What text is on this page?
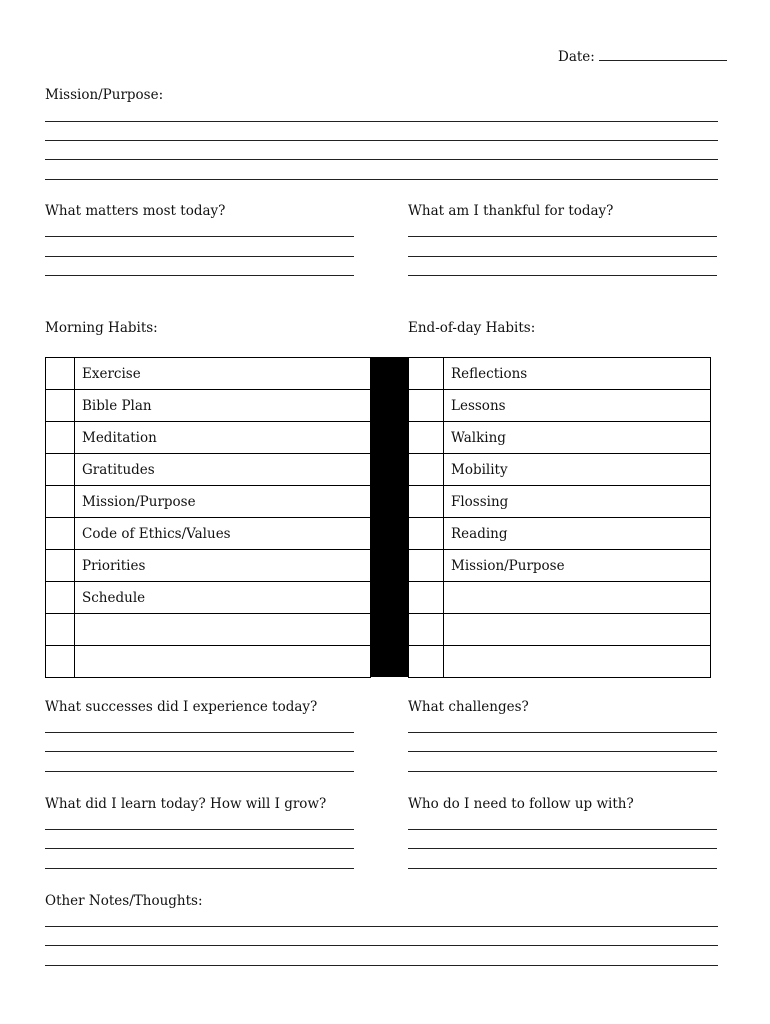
Date:
Mission/Purpose:
What matters most today?	What am I thankful for today?
Morning Habits:	End-of-day Habits:
	Exercise
	Bible Plan
	Meditation
	Gratitudes
	Mission/Purpose
	Code of Ethics/Values
	Priorities
	Schedule

	Reflections
	Lessons
	Walking
	Mobility
	Flossing
	Reading
	Mission/Purpose

What successes did I experience today?	What challenges?
What did I learn today? How will I grow?	Who do I need to follow up with?
Other Notes/Thoughts:
